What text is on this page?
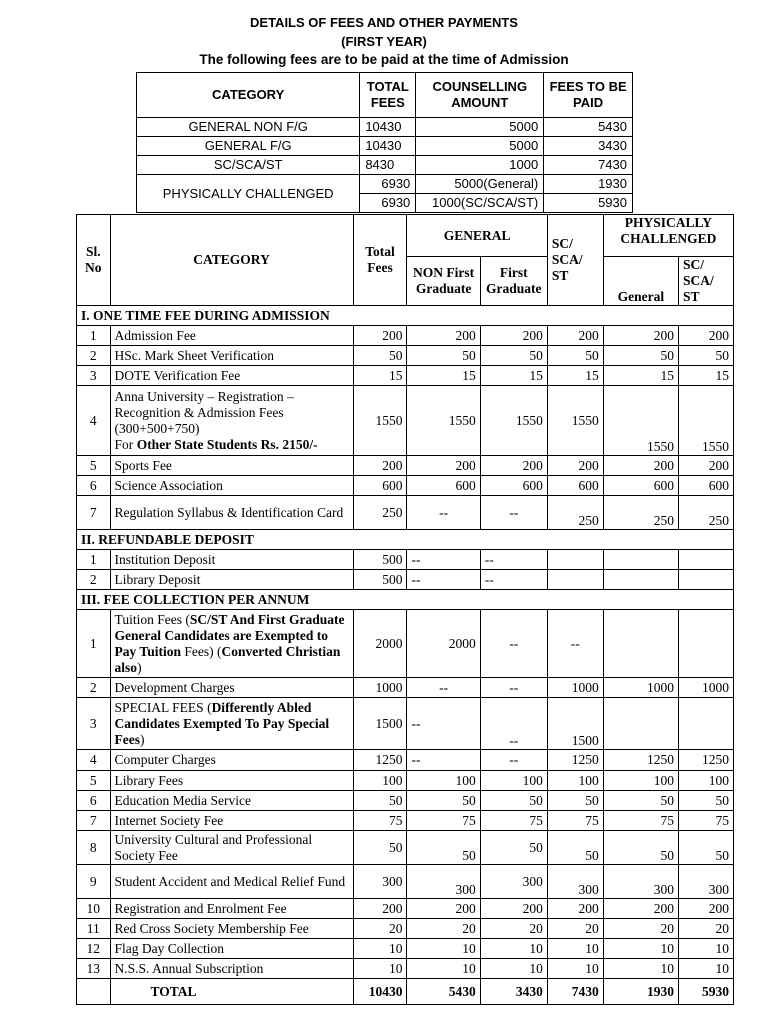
DETAILS OF FEES AND OTHER PAYMENTS
(FIRST YEAR)
The following fees are to be paid at the time of Admission
CATEGORY	TOTAL FEES	COUNSELLING AMOUNT	FEES TO BE PAID
GENERAL NON F/G	10430	5000	5430
GENERAL F/G	10430	5000	3430
SC/SCA/ST	8430	1000	7430
PHYSICALLY CHALLENGED	6930	5000(General)	1930
	6930	1000(SC/SCA/ST)	5930
Sl. No	CATEGORY	Total Fees	GENERAL		SC/ SCA/ ST	PHYSICALLY CHALLENGED	
			NON First Graduate	First Graduate		General	SC/ SCA/ ST
I. ONE TIME FEE DURING ADMISSION							
1	Admission Fee	200	200	200	200	200	200
2	HSc. Mark Sheet Verification	50	50	50	50	50	50
3	DOTE Verification Fee	15	15	15	15	15	15
4	Anna University – Registration – Recognition & Admission Fees (300+500+750)
For Other State Students Rs. 2150/-	1550	1550	1550	1550	1550	1550
5	Sports Fee	200	200	200	200	200	200
6	Science Association	600	600	600	600	600	600
7	Regulation Syllabus & Identification Card	250	--	--	250	250	250
II. REFUNDABLE DEPOSIT							
1	Institution Deposit	500	--	--			
2	Library Deposit	500	--	--			
III. FEE COLLECTION PER ANNUM							
1	Tuition Fees (SC/ST And First Graduate General Candidates are Exempted to Pay Tuition Fees) (Converted Christian also)	2000	2000	--	--		
2	Development Charges	1000	--	--	1000	1000	1000
3	SPECIAL FEES (Differently Abled Candidates Exempted To Pay Special Fees)	1500	--	--	1500		
4	Computer Charges	1250	--	--	1250	1250	1250
5	Library Fees	100	100	100	100	100	100
6	Education Media Service	50	50	50	50	50	50
7	Internet Society Fee	75	75	75	75	75	75
8	University Cultural and Professional Society Fee	50	50	50	50	50	50
9	Student Accident and Medical Relief Fund	300	300	300	300	300	300
10	Registration and Enrolment Fee	200	200	200	200	200	200
11	Red Cross Society Membership Fee	20	20	20	20	20	20
12	Flag Day Collection	10	10	10	10	10	10
13	N.S.S. Annual Subscription	10	10	10	10	10	10
	TOTAL	10430	5430	3430	7430	1930	5930
